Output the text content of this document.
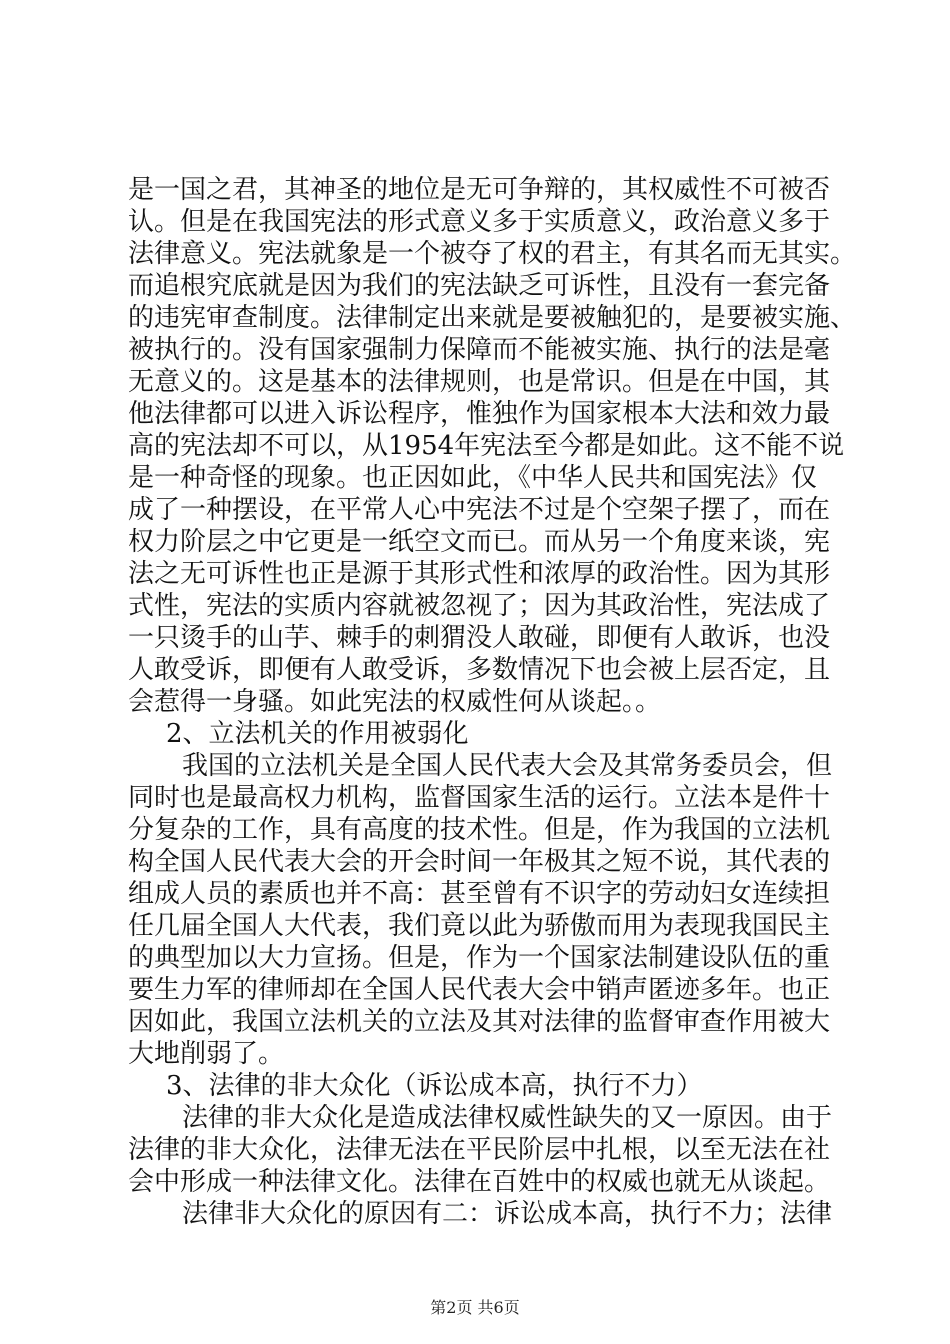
是一国之君，其神圣的地位是无可争辩的，其权威性不可被否
认。但是在我国宪法的形式意义多于实质意义，政治意义多于
法律意义。宪法就象是一个被夺了权的君主，有其名而无其实。
而追根究底就是因为我们的宪法缺乏可诉性，且没有一套完备
的违宪审查制度。法律制定出来就是要被触犯的，是要被实施、
被执行的。没有国家强制力保障而不能被实施、执行的法是毫
无意义的。这是基本的法律规则，也是常识。但是在中国，其
他法律都可以进入诉讼程序，惟独作为国家根本大法和效力最
高的宪法却不可以，从1954年宪法至今都是如此。这不能不说
是一种奇怪的现象。也正因如此，《中华人民共和国宪法》仅
成了一种摆设，在平常人心中宪法不过是个空架子摆了，而在
权力阶层之中它更是一纸空文而已。而从另一个角度来谈，宪
法之无可诉性也正是源于其形式性和浓厚的政治性。因为其形
式性，宪法的实质内容就被忽视了；因为其政治性，宪法成了
一只烫手的山芋、棘手的刺猬没人敢碰，即便有人敢诉，也没
人敢受诉，即便有人敢受诉，多数情况下也会被上层否定，且
会惹得一身骚。如此宪法的权威性何从谈起。。
2、立法机关的作用被弱化
我国的立法机关是全国人民代表大会及其常务委员会，但
同时也是最高权力机构，监督国家生活的运行。立法本是件十
分复杂的工作，具有高度的技术性。但是，作为我国的立法机
构全国人民代表大会的开会时间一年极其之短不说，其代表的
组成人员的素质也并不高：甚至曾有不识字的劳动妇女连续担
任几届全国人大代表，我们竟以此为骄傲而用为表现我国民主
的典型加以大力宣扬。但是，作为一个国家法制建设队伍的重
要生力军的律师却在全国人民代表大会中销声匿迹多年。也正
因如此，我国立法机关的立法及其对法律的监督审查作用被大
大地削弱了。
3、法律的非大众化（诉讼成本高，执行不力）
法律的非大众化是造成法律权威性缺失的又一原因。由于
法律的非大众化，法律无法在平民阶层中扎根，以至无法在社
会中形成一种法律文化。法律在百姓中的权威也就无从谈起。
法律非大众化的原因有二：诉讼成本高，执行不力；法律
第2页 共6页
